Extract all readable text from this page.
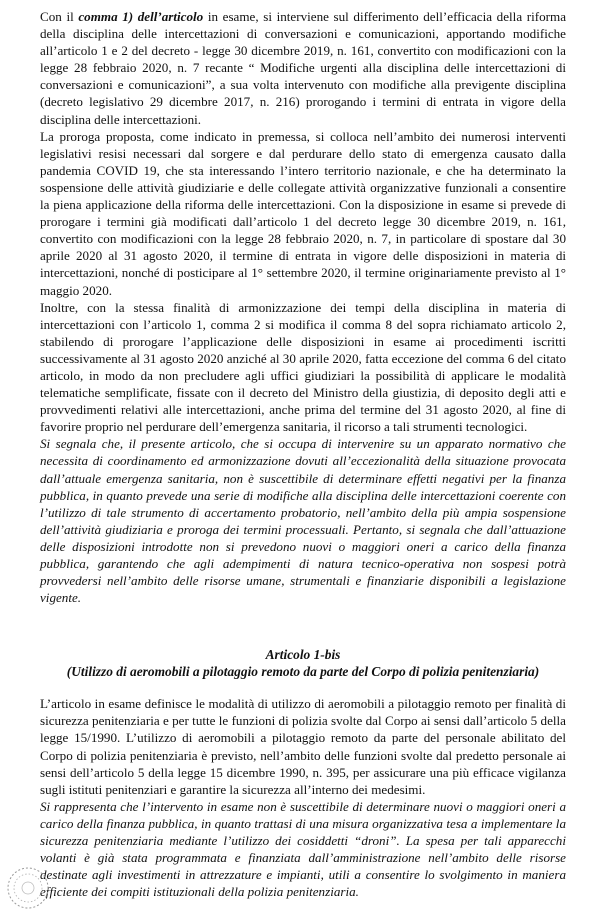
Con il comma 1) dell’articolo in esame, si interviene sul differimento dell’efficacia della riforma della disciplina delle intercettazioni di conversazioni e comunicazioni, apportando modifiche all’articolo 1 e 2 del decreto - legge 30 dicembre 2019, n. 161, convertito con modificazioni con la legge 28 febbraio 2020, n. 7 recante “ Modifiche urgenti alla disciplina delle intercettazioni di conversazioni e comunicazioni”, a sua volta intervenuto con modifiche alla previgente disciplina (decreto legislativo 29 dicembre 2017, n. 216) prorogando i termini di entrata in vigore della disciplina delle intercettazioni.

La proroga proposta, come indicato in premessa, si colloca nell’ambito dei numerosi interventi legislativi resisi necessari dal sorgere e dal perdurare dello stato di emergenza causato dalla pandemia COVID 19, che sta interessando l’intero territorio nazionale, e che ha determinato la sospensione delle attività giudiziarie e delle collegate attività organizzative funzionali a consentire la piena applicazione della riforma delle intercettazioni. Con la disposizione in esame si prevede di prorogare i termini già modificati dall’articolo 1 del decreto legge 30 dicembre 2019, n. 161, convertito con modificazioni con la legge 28 febbraio 2020, n. 7, in particolare di spostare dal 30 aprile 2020 al 31 agosto 2020, il termine di entrata in vigore delle disposizioni in materia di intercettazioni, nonché di posticipare al 1° settembre 2020, il termine originariamente previsto al 1° maggio 2020.

Inoltre, con la stessa finalità di armonizzazione dei tempi della disciplina in materia di intercettazioni con l’articolo 1, comma 2 si modifica il comma 8 del sopra richiamato articolo 2, stabilendo di prorogare l’applicazione delle disposizioni in esame ai procedimenti iscritti successivamente al 31 agosto 2020 anziché al 30 aprile 2020, fatta eccezione del comma 6 del citato articolo, in modo da non precludere agli uffici giudiziari la possibilità di applicare le modalità telematiche semplificate, fissate con il decreto del Ministro della giustizia, di deposito degli atti e provvedimenti relativi alle intercettazioni, anche prima del termine del 31 agosto 2020, al fine di favorire proprio nel perdurare dell’emergenza sanitaria, il ricorso a tali strumenti tecnologici.

Si segnala che, il presente articolo, che si occupa di intervenire su un apparato normativo che necessita di coordinamento ed armonizzazione dovuti all’eccezionalità della situazione provocata dall’attuale emergenza sanitaria, non è suscettibile di determinare effetti negativi per la finanza pubblica, in quanto prevede una serie di modifiche alla disciplina delle intercettazioni coerente con l’utilizzo di tale strumento di accertamento probatorio, nell’ambito della più ampia sospensione dell’attività giudiziaria e proroga dei termini processuali. Pertanto, si segnala che dall’attuazione delle disposizioni introdotte non si prevedono nuovi o maggiori oneri a carico della finanza pubblica, garantendo che agli adempimenti di natura tecnico-operativa non sospesi potrà provvedersi nell’ambito delle risorse umane, strumentali e finanziarie disponibili a legislazione vigente.

Articolo 1-bis

(Utilizzo di aeromobili a pilotaggio remoto da parte del Corpo di polizia penitenziaria)

L’articolo in esame definisce le modalità di utilizzo di aeromobili a pilotaggio remoto per finalità di sicurezza penitenziaria e per tutte le funzioni di polizia svolte dal Corpo ai sensi dall’articolo 5 della legge 15/1990. L’utilizzo di aeromobili a pilotaggio remoto da parte del personale abilitato del Corpo di polizia penitenziaria è previsto, nell’ambito delle funzioni svolte dal predetto personale ai sensi dell’articolo 5 della legge 15 dicembre 1990, n. 395, per assicurare una più efficace vigilanza sugli istituti penitenziari e garantire la sicurezza all’interno dei medesimi.

Si rappresenta che l’intervento in esame non è suscettibile di determinare nuovi o maggiori oneri a carico della finanza pubblica, in quanto trattasi di una misura organizzativa tesa a implementare la sicurezza penitenziaria mediante l’utilizzo dei cosiddetti “droni”. La spesa per tali apparecchi volanti è già stata programmata e finanziata dall’amministrazione nell’ambito delle risorse destinate agli investimenti in attrezzature e impianti, utili a consentire lo svolgimento in maniera efficiente dei compiti istituzionali della polizia penitenziaria.
